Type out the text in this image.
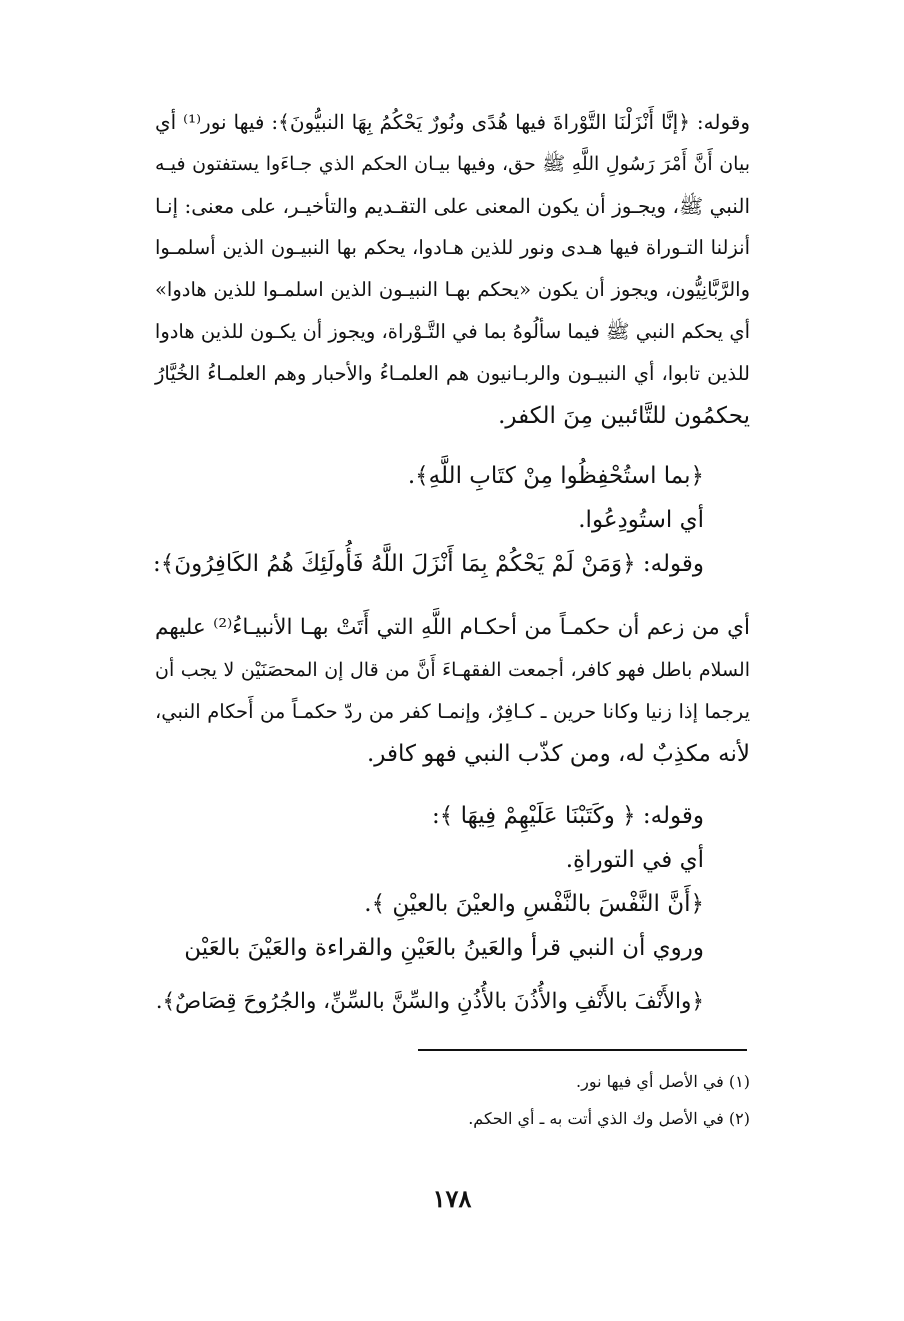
وقوله: ﴿إنَّا أَنْزَلْنَا التَّوْراةَ فيها هُدًى ونُورٌ يَحْكُمُ بِهَا النبيُّونَ﴾: فيها نور⁽¹⁾ أي
بيان أَنَّ أَمْرَ رَسُولِ اللَّهِ ﷺ حق، وفيها بيـان الحكم الذي جـاءَوا يستفتون فيـه
النبي ﷺ، ويجـوز أن يكون المعنى على التقـديم والتأخيـر، على معنى: إنـا
أنزلنا التـوراة فيها هـدى ونور للذين هـادوا، يحكم بها النبيـون الذين أسلمـوا
والرَّبَّانِيُّون، ويجوز أن يكون «يحكم بهـا النبيـون الذين اسلمـوا للذين هادوا»
أي يحكم النبي ﷺ فيما سألُوهُ بما في التَّـوْراة، ويجوز أن يكـون للذين هادوا
للذين تابوا، أي النبيـون والربـانيون هم العلمـاءُ والأحبار وهم العلمـاءُ الخُيَّارُ
يحكمُون للتَّائبين مِنَ الكفر.
﴿بما استُحْفِظُوا مِنْ كتَابِ اللَّهِ﴾.
أي استُودِعُوا.
وقوله: ﴿وَمَنْ لَمْ يَحْكُمْ بِمَا أَنْزَلَ اللَّهُ فَأُولَئِكَ هُمُ الكَافِرُونَ﴾:
أي من زعم أن حكمـاً من أحكـام اللَّهِ التي أَتَتْ بهـا الأنبيـاءُ⁽²⁾ عليهم
السلام باطل فهو كافر، أجمعت الفقهـاءَ أَنَّ من قال إن المحصَنَيْن لا يجب أن
يرجما إذا زنيا وكانا حرين ـ كـافِرٌ، وإنمـا كفر من ردّ حكمـاً من أَحكام النبي،
لأنه مكذِبٌ له، ومن كذّب النبي فهو كافر.
وقوله: ﴿ وكَتَبْنَا عَلَيْهِمْ فِيهَا ﴾:
أي في التوراةِ.
﴿أَنَّ النَّفْسَ بالنَّفْسِ والعيْنَ بالعيْنِ ﴾.
وروي أن النبي قرأ والعَينُ بالعَيْنِ والقراءة والعَيْنَ بالعَيْن
﴿والأَنْفَ بالأَنْفِ والأُذُنَ بالأُذُنِ والسِّنَّ بالسِّنِّ، والجُرُوحَ قِصَاصٌ﴾.
(١) في الأصل أي فيها نور.
(٢) في الأصل وك الذي أتت به ـ أي الحكم.
١٧٨
